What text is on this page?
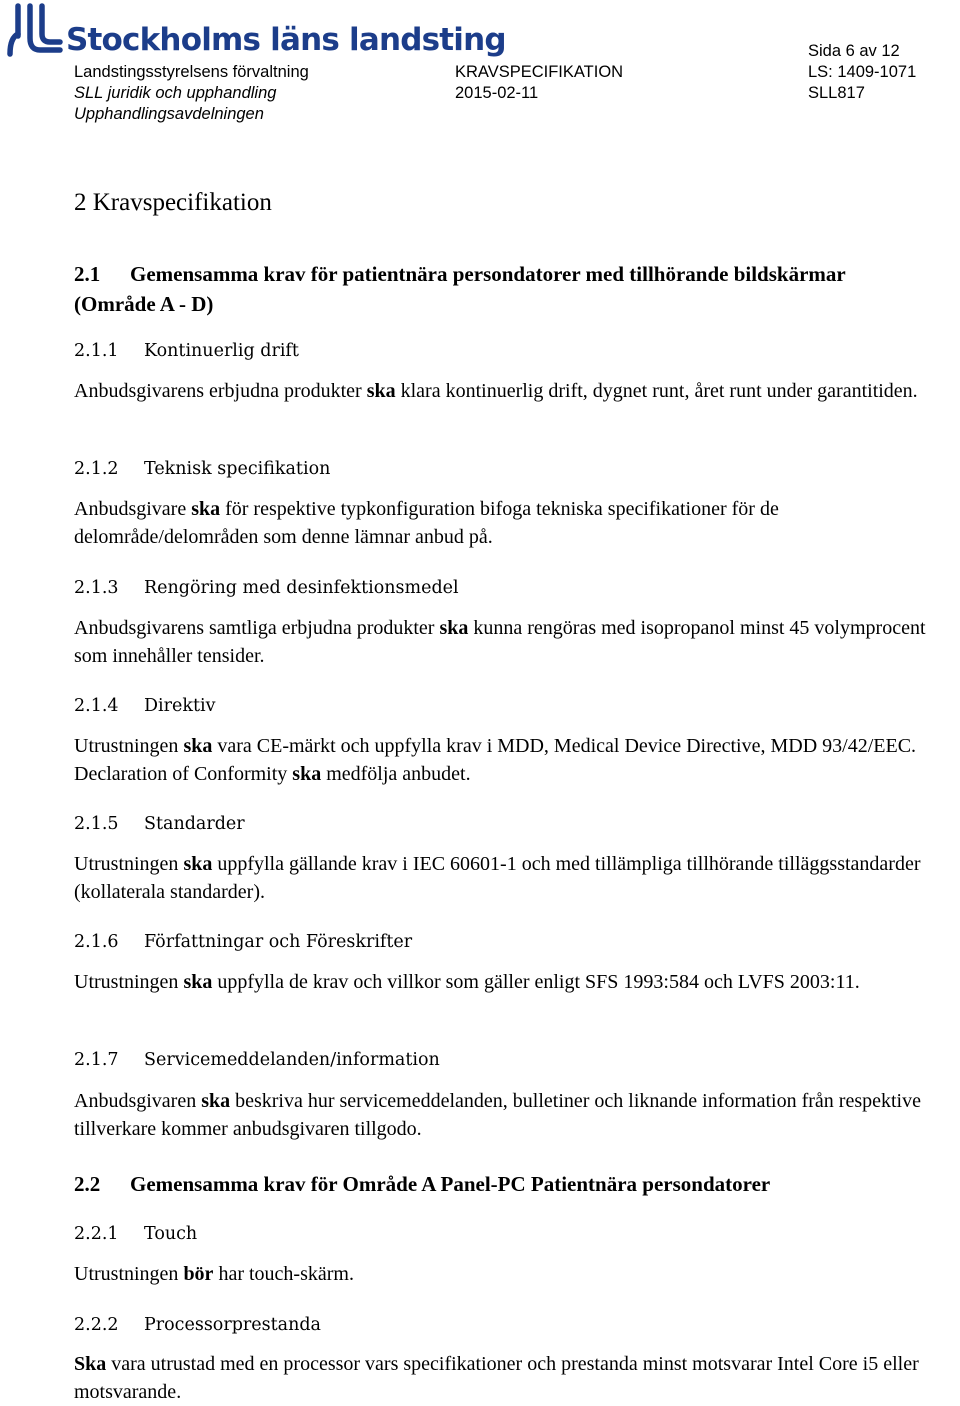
Stockholms läns landsting
Landstingsstyrelsens förvaltning
SLL juridik och upphandling
Upphandlingsavdelningen
KRAVSPECIFIKATION
2015-02-11
Sida 6 av 12
LS: 1409-1071
SLL817
2 Kravspecifikation
2.1 Gemensamma krav för patientnära persondatorer med tillhörande bildskärmar
(Område A - D)
2.1.1 Kontinuerlig drift
Anbudsgivarens erbjudna produkter ska klara kontinuerlig drift, dygnet runt, året runt under garantitiden.
2.1.2 Teknisk specifikation
Anbudsgivare ska för respektive typkonfiguration bifoga tekniska specifikationer för de delområde/delområden som denne lämnar anbud på.
2.1.3 Rengöring med desinfektionsmedel
Anbudsgivarens samtliga erbjudna produkter ska kunna rengöras med isopropanol minst 45 volymprocent som innehåller tensider.
2.1.4 Direktiv
Utrustningen ska vara CE-märkt och uppfylla krav i MDD, Medical Device Directive, MDD 93/42/EEC. Declaration of Conformity ska medfölja anbudet.
2.1.5 Standarder
Utrustningen ska uppfylla gällande krav i IEC 60601-1 och med tillämpliga tillhörande tilläggsstandarder (kollaterala standarder).
2.1.6 Författningar och Föreskrifter
Utrustningen ska uppfylla de krav och villkor som gäller enligt SFS 1993:584 och LVFS 2003:11.
2.1.7 Servicemeddelanden/information
Anbudsgivaren ska beskriva hur servicemeddelanden, bulletiner och liknande information från respektive tillverkare kommer anbudsgivaren tillgodo.
2.2 Gemensamma krav för Område A Panel-PC Patientnära persondatorer
2.2.1 Touch
Utrustningen bör har touch-skärm.
2.2.2 Processorprestanda
Ska vara utrustad med en processor vars specifikationer och prestanda minst motsvarar Intel Core i5 eller motsvarande.
